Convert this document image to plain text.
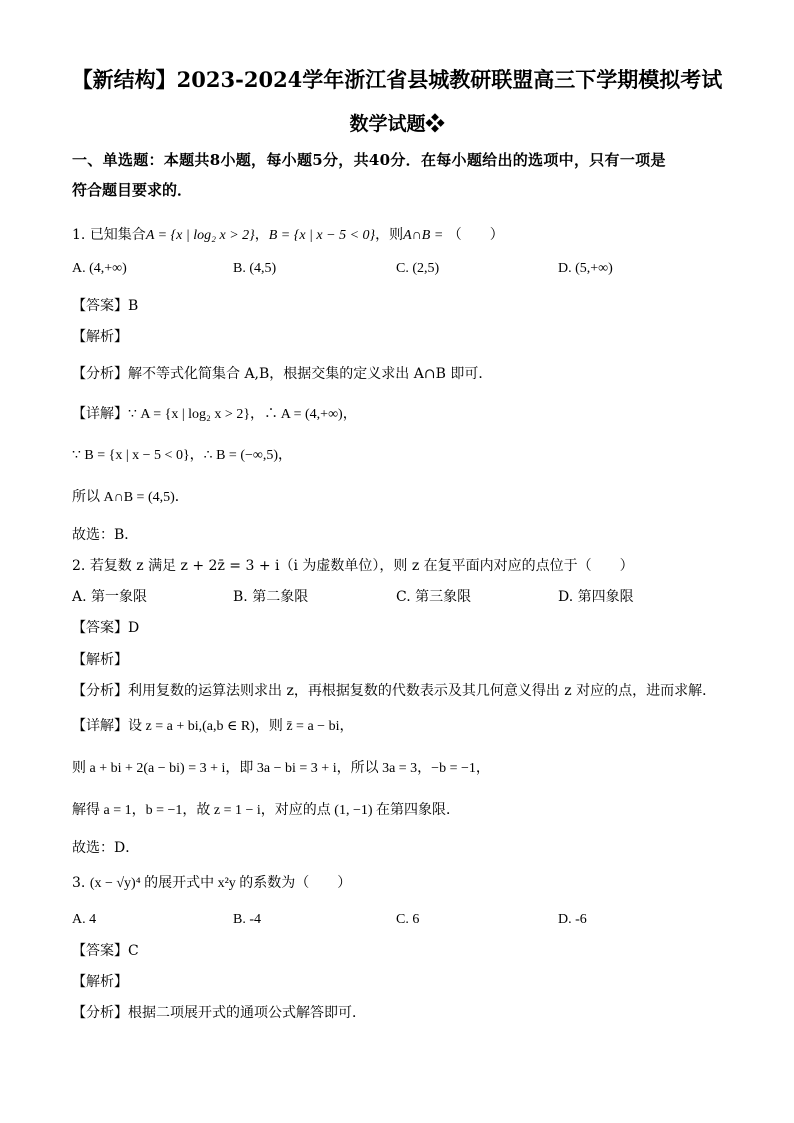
【新结构】2023-2024学年浙江省县城教研联盟高三下学期模拟考试
数学试题❖
一、单选题：本题共8小题，每小题5分，共40分．在每小题给出的选项中，只有一项是
符合题目要求的．
1. 已知集合A = {x | log₂ x > 2}，B = {x | x − 5 < 0}，则A∩B = （　　）
A. (4,+∞)	B. (4,5)	C. (2,5)	D. (5,+∞)
【答案】B
【解析】
【分析】解不等式化简集合 A,B，根据交集的定义求出 A∩B 即可．
【详解】∵ A = {x | log₂ x > 2}，∴ A = (4,+∞)，
∵ B = {x | x − 5 < 0}，∴ B = (−∞,5)，
所以 A∩B = (4,5)．
故选：B．
2. 若复数 z 满足 z + 2z̄ = 3 + i（i 为虚数单位），则 z 在复平面内对应的点位于（　　）
A. 第一象限	B. 第二象限	C. 第三象限	D. 第四象限
【答案】D
【解析】
【分析】利用复数的运算法则求出 z，再根据复数的代数表示及其几何意义得出 z 对应的点，进而求解．
【详解】设 z = a + bi,(a,b ∈ R)，则 z̄ = a − bi，
则 a + bi + 2(a − bi) = 3 + i，即 3a − bi = 3 + i，所以 3a = 3，−b = −1，
解得 a = 1，b = −1，故 z = 1 − i，对应的点 (1, −1) 在第四象限．
故选：D．
3. (x − √y)⁴ 的展开式中 x²y 的系数为（　　）
A. 4	B. -4	C. 6	D. -6
【答案】C
【解析】
【分析】根据二项展开式的通项公式解答即可．
